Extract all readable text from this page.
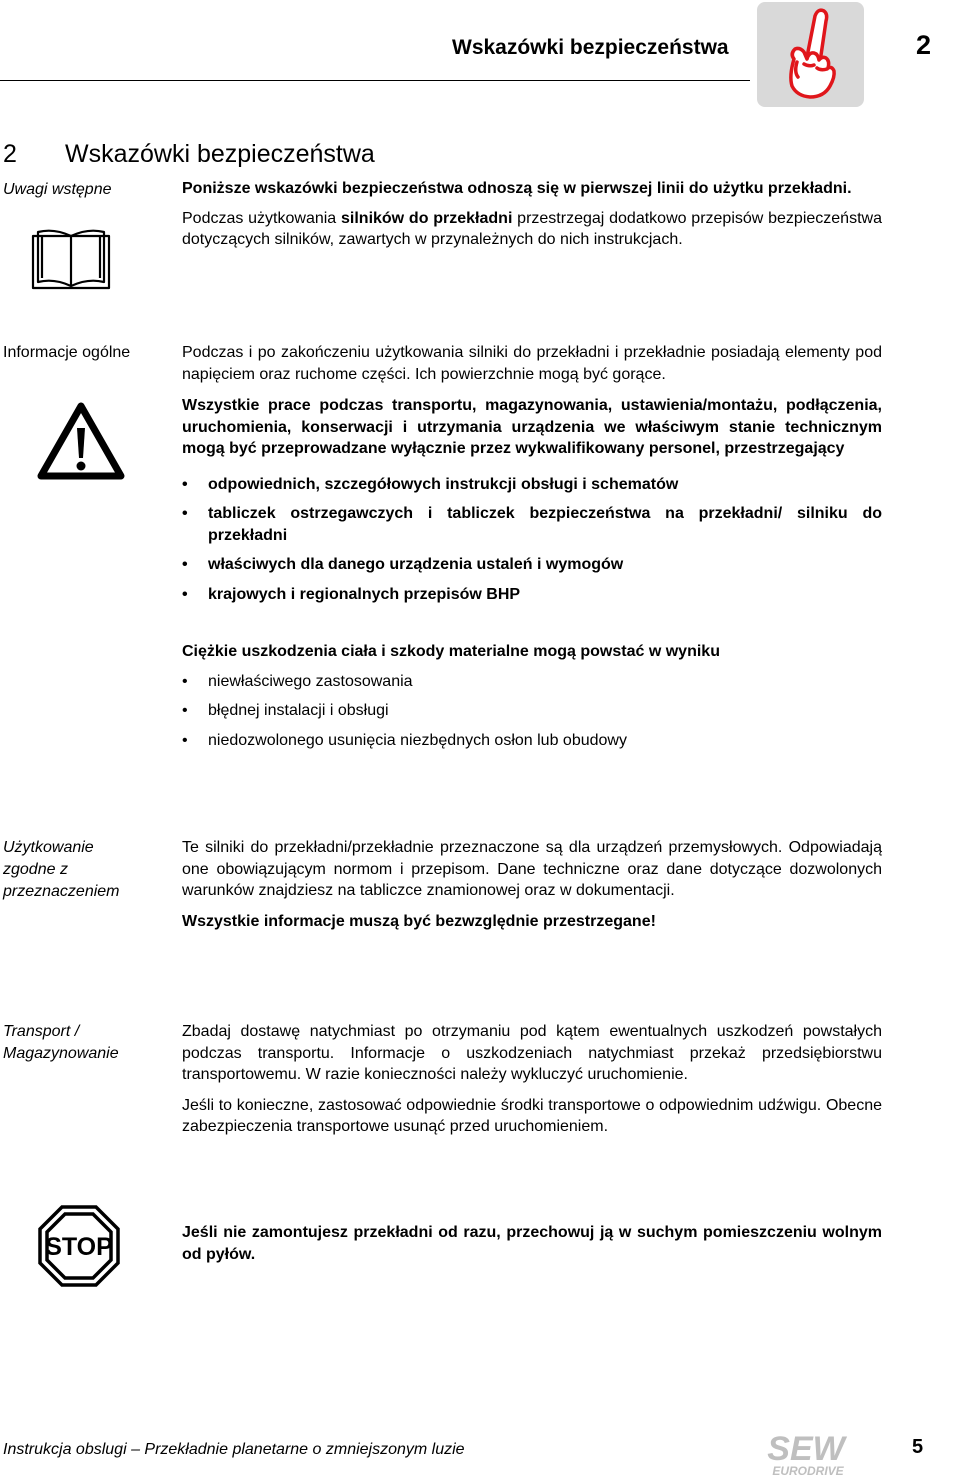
Wskazówki bezpieczeństwa	2
2 Wskazówki bezpieczeństwa
Uwagi wstępne	Poniższe wskazówki bezpieczeństwa odnoszą się w pierwszej linii do użytku przekładni.

Podczas użytkowania silników do przekładni przestrzegaj dodatkowo przepisów bezpieczeństwa dotyczących silników, zawartych w przynależnych do nich instrukcjach.

Informacje ogólne	Podczas i po zakończeniu użytkowania silniki do przekładni i przekładnie posiadają elementy pod napięciem oraz ruchome części. Ich powierzchnie mogą być gorące.

Wszystkie prace podczas transportu, magazynowania, ustawienia/montażu, podłączenia, uruchomienia, konserwacji i utrzymania urządzenia we właściwym stanie technicznym mogą być przeprowadzane wyłącznie przez wykwalifikowany personel, przestrzegający

• odpowiednich, szczegółowych instrukcji obsługi i schematów
• tabliczek ostrzegawczych i tabliczek bezpieczeństwa na przekładni/ silniku do przekładni
• właściwych dla danego urządzenia ustaleń i wymogów
• krajowych i regionalnych przepisów BHP

Ciężkie uszkodzenia ciała i szkody materialne mogą powstać w wyniku

• niewłaściwego zastosowania
• błędnej instalacji i obsługi
• niedozwolonego usunięcia niezbędnych osłon lub obudowy
Użytkowanie
zgodne z
przeznaczeniem

Te silniki do przekładni/przekładnie przeznaczone są dla urządzeń przemysłowych. Odpowiadają one obowiązującym normom i przepisom. Dane techniczne oraz dane dotyczące dozwolonych warunków znajdziesz na tabliczce znamionowej oraz w dokumentacji.

Wszystkie informacje muszą być bezwzględnie przestrzegane!

Transport /
Magazynowanie

Zbadaj dostawę natychmiast po otrzymaniu pod kątem ewentualnych uszkodzeń powstałych podczas transportu. Informacje o uszkodzeniach natychmiast przekaż przedsiębiorstwu transportowemu. W razie konieczności należy wykluczyć uruchomienie.

Jeśli to konieczne, zastosować odpowiednie środki transportowe o odpowiednim udźwigu. Obecne zabezpieczenia transportowe usunąć przed uruchomieniem.

STOP
Jeśli nie zamontujesz przekładni od razu, przechowuj ją w suchym pomieszczeniu wolnym od pyłów.
Instrukcja obslugi – Przekładnie planetarne o zmniejszonym luzie	SEW
EURODRIVE
5
